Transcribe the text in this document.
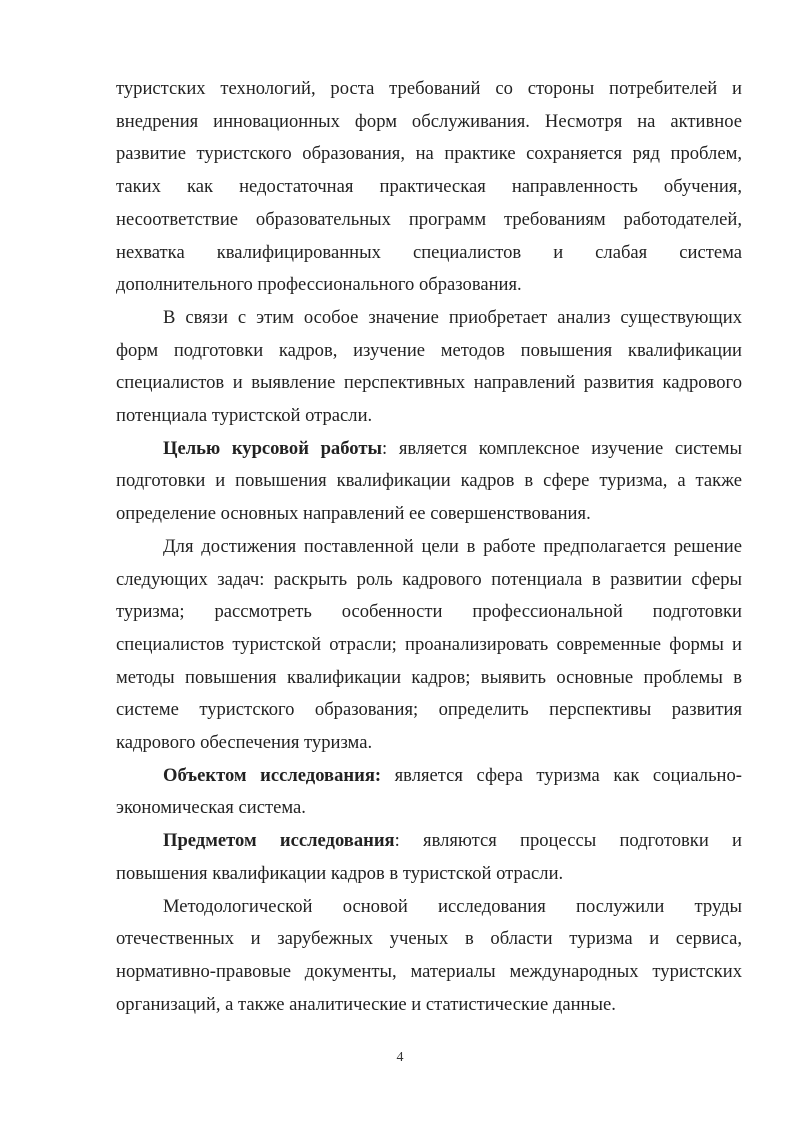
туристских технологий, роста требований со стороны потребителей и внедрения инновационных форм обслуживания. Несмотря на активное развитие туристского образования, на практике сохраняется ряд проблем, таких как недостаточная практическая направленность обучения, несоответствие образовательных программ требованиям работодателей, нехватка квалифицированных специалистов и слабая система дополнительного профессионального образования.

В связи с этим особое значение приобретает анализ существующих форм подготовки кадров, изучение методов повышения квалификации специалистов и выявление перспективных направлений развития кадрового потенциала туристской отрасли.

Целью курсовой работы: является комплексное изучение системы подготовки и повышения квалификации кадров в сфере туризма, а также определение основных направлений ее совершенствования.

Для достижения поставленной цели в работе предполагается решение следующих задач: раскрыть роль кадрового потенциала в развитии сферы туризма; рассмотреть особенности профессиональной подготовки специалистов туристской отрасли; проанализировать современные формы и методы повышения квалификации кадров; выявить основные проблемы в системе туристского образования; определить перспективы развития кадрового обеспечения туризма.

Объектом исследования: является сфера туризма как социально-экономическая система.

Предметом исследования: являются процессы подготовки и повышения квалификации кадров в туристской отрасли.

Методологической основой исследования послужили труды отечественных и зарубежных ученых в области туризма и сервиса, нормативно-правовые документы, материалы международных туристских организаций, а также аналитические и статистические данные.

4
